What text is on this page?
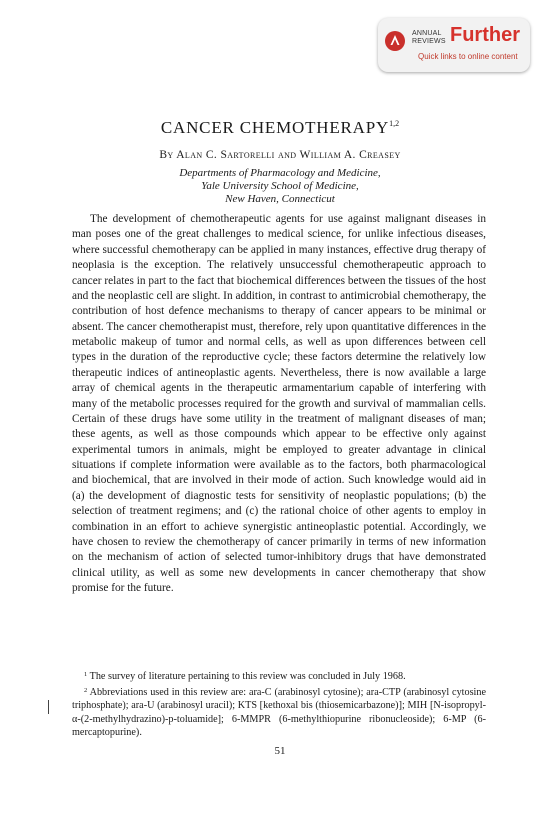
ANNUAL
REVIEWS Further
Quick links to online content
CANCER CHEMOTHERAPY$^{1,2}$
By Alan C. Sartorelli and William A. Creasey
Departments of Pharmacology and Medicine,
Yale University School of Medicine,
New Haven, Connecticut

The development of chemotherapeutic agents for use against malignant diseases in man poses one of the great challenges to medical science, for unlike infectious diseases, where successful chemotherapy can be applied in many instances, effective drug therapy of neoplasia is the exception. The relatively unsuccessful chemotherapeutic approach to cancer relates in part to the fact that biochemical differences between the tissues of the host and the neoplastic cell are slight. In addition, in contrast to antimicrobial chemotherapy, the contribution of host defence mechanisms to therapy of cancer appears to be minimal or absent. The cancer chemotherapist must, therefore, rely upon quantitative differences in the metabolic makeup of tumor and normal cells, as well as upon differences between cell types in the duration of the reproductive cycle; these factors determine the relatively low therapeutic indices of antineoplastic agents. Nevertheless, there is now available a large array of chemical agents in the therapeutic armamentarium capable of interfering with many of the metabolic processes required for the growth and survival of mammalian cells. Certain of these drugs have some utility in the treatment of malignant diseases of man; these agents, as well as those compounds which appear to be effective only against experimental tumors in animals, might be employed to greater advantage in clinical situations if complete information were available as to the factors, both pharmacological and biochemical, that are involved in their mode of action. Such knowledge would aid in (a) the development of diagnostic tests for sensitivity of neoplastic populations; (b) the selection of treatment regimens; and (c) the rational choice of other agents to employ in combination in an effort to achieve synergistic antineoplastic potential. Accordingly, we have chosen to review the chemotherapy of cancer primarily in terms of new information on the mechanism of action of selected tumor-inhibitory drugs that have demonstrated clinical utility, as well as some new developments in cancer chemotherapy that show promise for the future.

$^1$ The survey of literature pertaining to this review was concluded in July 1968.

$^2$ Abbreviations used in this review are: ara-C (arabinosyl cytosine); ara-CTP (arabinosyl cytosine triphosphate); ara-U (arabinosyl uracil); KTS [kethoxal bis (thiosemicarbazone)]; MIH [N-isopropyl-α-(2-methylhydrazino)-p-toluamide]; 6-MMPR (6-methylthiopurine ribonucleoside); 6-MP (6-mercaptopurine).

51
